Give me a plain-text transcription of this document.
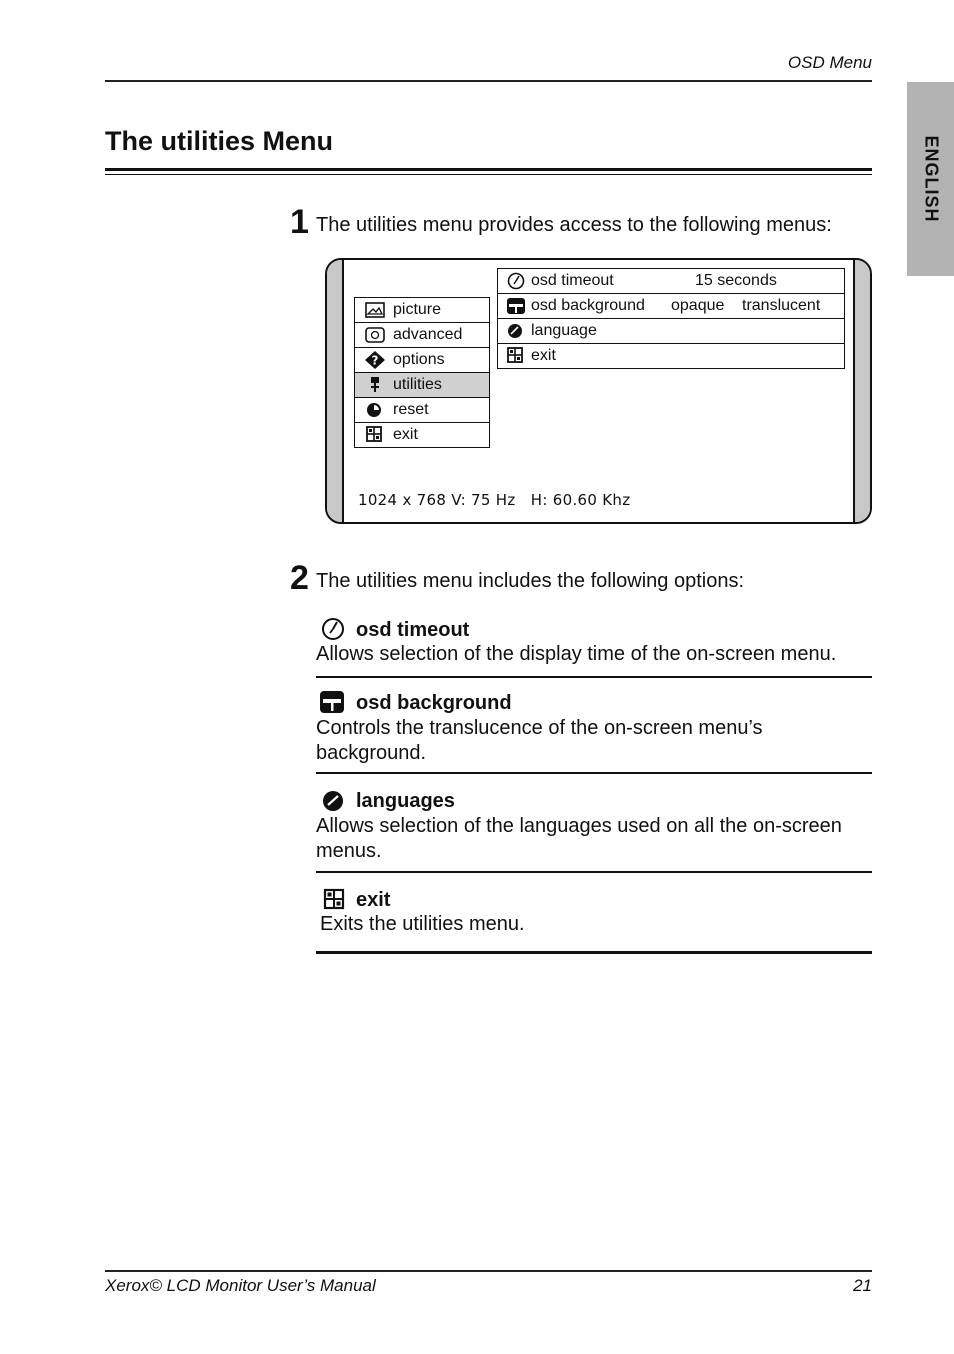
OSD Menu
ENGLISH
The utilities Menu
1 The utilities menu provides access to the following menus:
picture
advanced
? options
utilities
reset
exit
osd timeout	15 seconds
osd background opaque translucent
language
exit
1024 x 768 V: 75 Hz   H: 60.60 Khz
2 The utilities menu includes the following options:
osd timeout
Allows selection of the display time of the on-screen menu.
osd background
Controls the translucence of the on-screen menu’s background.
languages
Allows selection of the languages used on all the on-screen menus.
exit
Exits the utilities menu.
Xerox© LCD Monitor User’s Manual	21
